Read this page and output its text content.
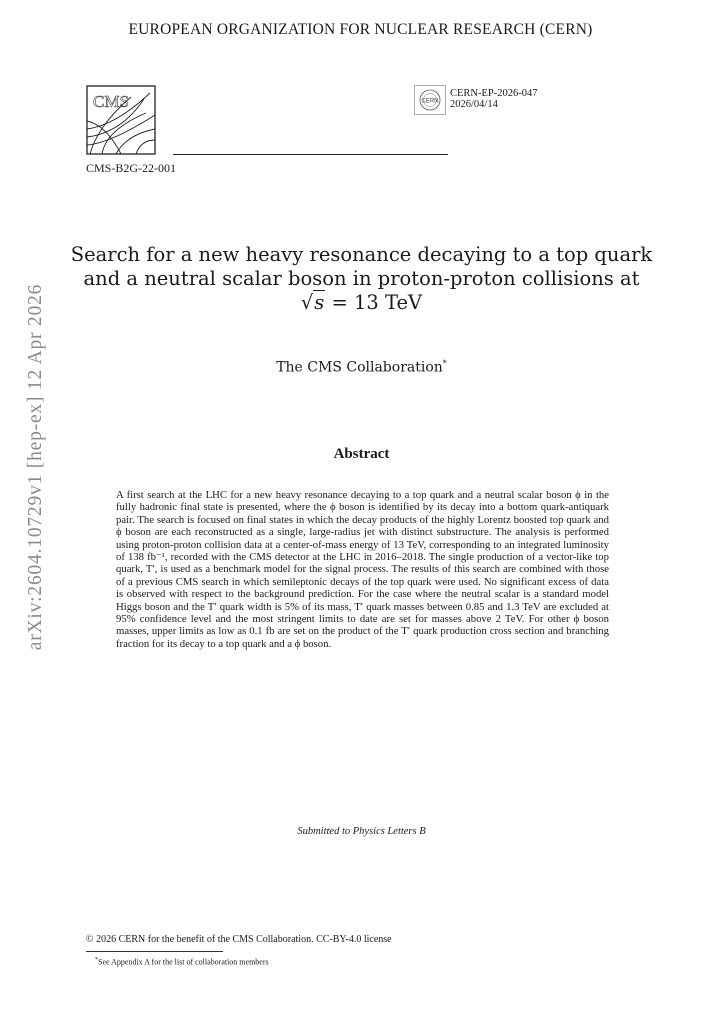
EUROPEAN ORGANIZATION FOR NUCLEAR RESEARCH (CERN)
CMS	CERN
CERN-EP-2026-047
2026/04/14
CMS-B2G-22-001
arXiv:2604.10729v1 [hep-ex] 12 Apr 2026
Search for a new heavy resonance decaying to a top quark
and a neutral scalar boson in proton-proton collisions at
√s = 13 TeV
The CMS Collaboration*
Abstract
A first search at the LHC for a new heavy resonance decaying to a top quark and a neutral scalar boson ϕ in the fully hadronic final state is presented, where the ϕ boson is identified by its decay into a bottom quark-antiquark pair. The search is focused on final states in which the decay products of the highly Lorentz boosted top quark and ϕ boson are each reconstructed as a single, large-radius jet with distinct substructure. The analysis is performed using proton-proton collision data at a center-of-mass energy of 13 TeV, corresponding to an integrated luminosity of 138 fb⁻¹, recorded with the CMS detector at the LHC in 2016–2018. The single production of a vector-like top quark, T′, is used as a benchmark model for the signal process. The results of this search are combined with those of a previous CMS search in which semileptonic decays of the top quark were used. No significant excess of data is observed with respect to the background prediction. For the case where the neutral scalar is a standard model Higgs boson and the T′ quark width is 5% of its mass, T′ quark masses between 0.85 and 1.3 TeV are excluded at 95% confidence level and the most stringent limits to date are set for masses above 2 TeV. For other ϕ boson masses, upper limits as low as 0.1 fb are set on the product of the T′ quark production cross section and branching fraction for its decay to a top quark and a ϕ boson.
Submitted to Physics Letters B
© 2026 CERN for the benefit of the CMS Collaboration. CC-BY-4.0 license
*See Appendix A for the list of collaboration members
